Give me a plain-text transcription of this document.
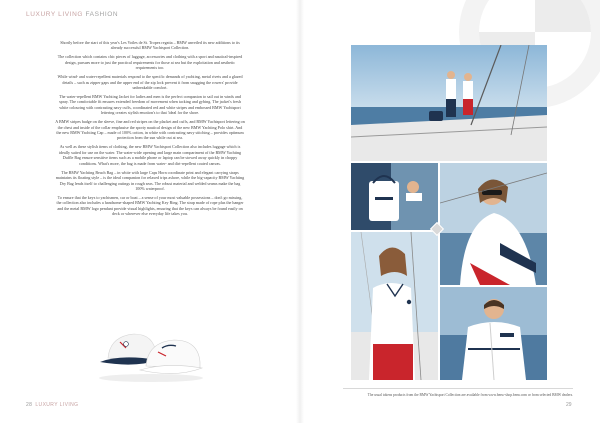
LUXURY LIVING FASHION

Shortly before the start of this year's Les Voiles de St. Tropez regatta – BMW unveiled its new additions to its already successful BMW Yachtsport Collection.

The collection which contains chic pieces of luggage, accessories and clothing with a sport and nautical-inspired design, pursues more to just the practical requirements for those at sea but the exploitation and aesthetic requirements too.

While wind- and water-repellent materials respond to the specific demands of yachting, metal rivets and a glazed details – such as zipper gaps and the upper end of the zip lock prevent it from snagging the rowers' provide unbreakable comfort.

The water-repellent BMW Yachting Jacket for ladies and men is the perfect companion to sail out in winds and spray. The comfortable fit ensures extended freedom of movement when tacking and gybing. The jacket's fresh white colouring with contrasting navy cuffs, coordinated red and white stripes and embossed BMW Yachtsport lettering creates stylish emotion's to that 'ideal for the shore.

A BMW stripes badge on the sleeve, fine and red stripes on the placket and cuffs, and BMW Yachtsport lettering on the chest and inside of the collar emphasise the sporty nautical design of the new BMW Yachting Polo shirt. And the new BMW Yachting Cap – made of 100% cotton, in white with contrasting navy stitching – provides optimum protection from the sun while out at sea.

As well as these stylish items of clothing, the new BMW Yachtsport Collection also includes luggage which is ideally suited for use on the water. The water-wide opening and large main compartment of the BMW Yachting Duffle Bag ensure sensitive items such as a mobile phone or laptop can be stowed away quickly in choppy conditions. What's more, the bag is made from water- and dirt-repellent coated canvas.

The BMW Yachting Beach Bag – in white with large Caps Horn coordinate print and elegant carrying straps maintains its floating style – is the ideal companion for relaxed trips ashore, while the big-capacity BMW Yachting Dry Bag lends itself to challenging outings in rough seas. The robust material and welded seams make the bag 100% waterproof.

To ensure that the keys to yachtsmen, car or boat – a sense of your most valuable possessions – don't go missing, the collection also includes a handsome-shaped BMW Yachting Key Ring. The strap made of rope plus the hanger and the metal BMW logo pendant provide visual highlights, ensuring that the keys can always be found easily on deck or wherever else everyday life takes you.

28 LUXURY LIVING
The usual tokens products from the BMW Yachtsport Collection are available from www.bmw-shop.bmw.com or from selected BMW dealers.
29
